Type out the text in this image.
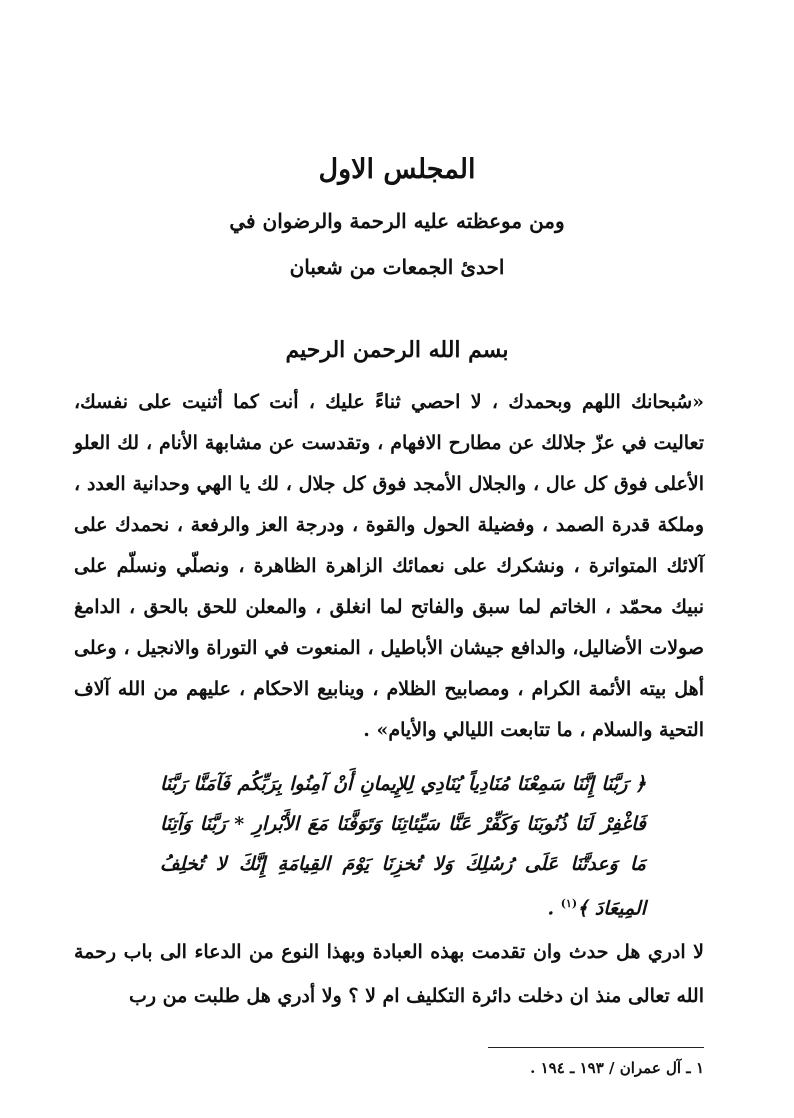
المجلس الاول
ومن موعظته عليه الرحمة والرضوان في
احدئ الجمعات من شعبان
بسم الله الرحمن الرحيم

«سُبحانك اللهم وبحمدك ، لا احصي ثناءً عليك ، أنت كما أثنيت على نفسك، تعاليت في عزّ جلالك عن مطارح الافهام ، وتقدست عن مشابهة الأنام ، لك العلو الأعلى فوق كل عال ، والجلال الأمجد فوق كل جلال ، لك يا الهي وحدانية العدد ، وملكة قدرة الصمد ، وفضيلة الحول والقوة ، ودرجة العز والرفعة ، نحمدك على آلائك المتواترة ، ونشكرك على نعمائك الزاهرة الظاهرة ، ونصلّي ونسلّم على نبيك محمّد ، الخاتم لما سبق والفاتح لما انغلق ، والمعلن للحق بالحق ، الدامغ صولات الأضاليل، والدافع جيشان الأباطيل ، المنعوت في التوراة والانجيل ، وعلى أهل بيته الأئمة الكرام ، ومصابيح الظلام ، وينابيع الاحكام ، عليهم من الله آلاف التحية والسلام ، ما تتابعت الليالي والأيام» .

﴿ رَبَّنَا إِنَّنَا سَمِعْنَا مُنَادِياً يُنَادِي لِلإِيمانِ أَنْ آمِنُوا بِرَبِّكُم فَآمَنَّا رَبَّنَا فَاغْفِرْ لَنَا ذُنُوبَنَا وَكَفِّرْ عَنَّا سَيِّئاتِنَا وَتَوَفَّنَا مَعَ الأَبْرارِ * رَبَّنَا وَآتِنَا مَا وَعدتَّنَا عَلَى رُسُلِكَ وَلا تُخزِنَا يَوْمَ القِيامَةِ إِنَّكَ لا تُخلِفُ المِيعَادَ ﴾$^{(١)}$ .

لا ادري هل حدث وان تقدمت بهذه العبادة وبهذا النوع من الدعاء الى باب رحمة الله تعالى منذ ان دخلت دائرة التكليف ام لا ؟ ولا أدري هل طلبت من رب

١ ـ آل عمران / ١٩٣ ـ ١٩٤ .
